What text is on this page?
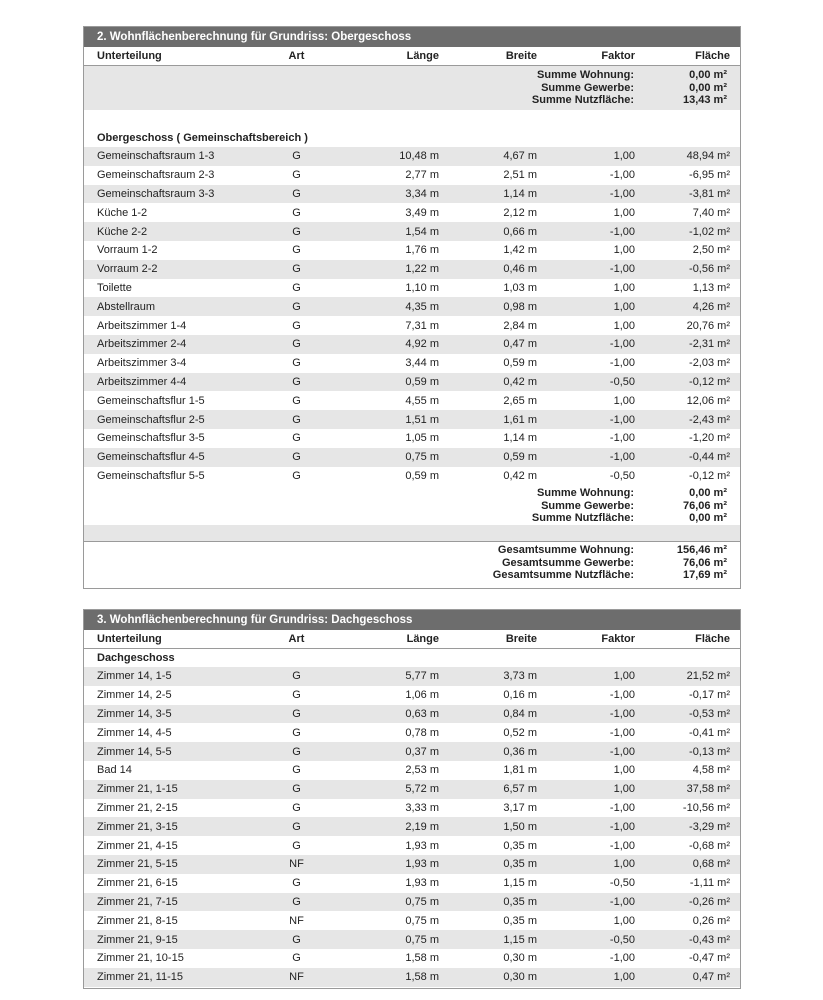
2. Wohnflächenberechnung für Grundriss: Obergeschoss
Unterteilung	Art	Länge	Breite	Faktor	Fläche
Summe Wohnung:	0,00 m²
Summe Gewerbe:	0,00 m²
Summe Nutzfläche:	13,43 m²
Obergeschoss ( Gemeinschaftsbereich )
Gemeinschaftsraum 1-3	G	10,48 m	4,67 m	1,00	48,94 m²
Gemeinschaftsraum 2-3	G	2,77 m	2,51 m	-1,00	-6,95 m²
Gemeinschaftsraum 3-3	G	3,34 m	1,14 m	-1,00	-3,81 m²
Küche 1-2	G	3,49 m	2,12 m	1,00	7,40 m²
Küche 2-2	G	1,54 m	0,66 m	-1,00	-1,02 m²
Vorraum 1-2	G	1,76 m	1,42 m	1,00	2,50 m²
Vorraum 2-2	G	1,22 m	0,46 m	-1,00	-0,56 m²
Toilette	G	1,10 m	1,03 m	1,00	1,13 m²
Abstellraum	G	4,35 m	0,98 m	1,00	4,26 m²
Arbeitszimmer 1-4	G	7,31 m	2,84 m	1,00	20,76 m²
Arbeitszimmer 2-4	G	4,92 m	0,47 m	-1,00	-2,31 m²
Arbeitszimmer 3-4	G	3,44 m	0,59 m	-1,00	-2,03 m²
Arbeitszimmer 4-4	G	0,59 m	0,42 m	-0,50	-0,12 m²
Gemeinschaftsflur 1-5	G	4,55 m	2,65 m	1,00	12,06 m²
Gemeinschaftsflur 2-5	G	1,51 m	1,61 m	-1,00	-2,43 m²
Gemeinschaftsflur 3-5	G	1,05 m	1,14 m	-1,00	-1,20 m²
Gemeinschaftsflur 4-5	G	0,75 m	0,59 m	-1,00	-0,44 m²
Gemeinschaftsflur 5-5	G	0,59 m	0,42 m	-0,50	-0,12 m²
Summe Wohnung:	0,00 m²
Summe Gewerbe:	76,06 m²
Summe Nutzfläche:	0,00 m²
Gesamtsumme Wohnung:	156,46 m²
Gesamtsumme Gewerbe:	76,06 m²
Gesamtsumme Nutzfläche:	17,69 m²
3. Wohnflächenberechnung für Grundriss: Dachgeschoss
Unterteilung	Art	Länge	Breite	Faktor	Fläche
Dachgeschoss
Zimmer 14, 1-5	G	5,77 m	3,73 m	1,00	21,52 m²
Zimmer 14, 2-5	G	1,06 m	0,16 m	-1,00	-0,17 m²
Zimmer 14, 3-5	G	0,63 m	0,84 m	-1,00	-0,53 m²
Zimmer 14, 4-5	G	0,78 m	0,52 m	-1,00	-0,41 m²
Zimmer 14, 5-5	G	0,37 m	0,36 m	-1,00	-0,13 m²
Bad 14	G	2,53 m	1,81 m	1,00	4,58 m²
Zimmer 21, 1-15	G	5,72 m	6,57 m	1,00	37,58 m²
Zimmer 21, 2-15	G	3,33 m	3,17 m	-1,00	-10,56 m²
Zimmer 21, 3-15	G	2,19 m	1,50 m	-1,00	-3,29 m²
Zimmer 21, 4-15	G	1,93 m	0,35 m	-1,00	-0,68 m²
Zimmer 21, 5-15	NF	1,93 m	0,35 m	1,00	0,68 m²
Zimmer 21, 6-15	G	1,93 m	1,15 m	-0,50	-1,11 m²
Zimmer 21, 7-15	G	0,75 m	0,35 m	-1,00	-0,26 m²
Zimmer 21, 8-15	NF	0,75 m	0,35 m	1,00	0,26 m²
Zimmer 21, 9-15	G	0,75 m	1,15 m	-0,50	-0,43 m²
Zimmer 21, 10-15	G	1,58 m	0,30 m	-1,00	-0,47 m²
Zimmer 21, 11-15	NF	1,58 m	0,30 m	1,00	0,47 m²
